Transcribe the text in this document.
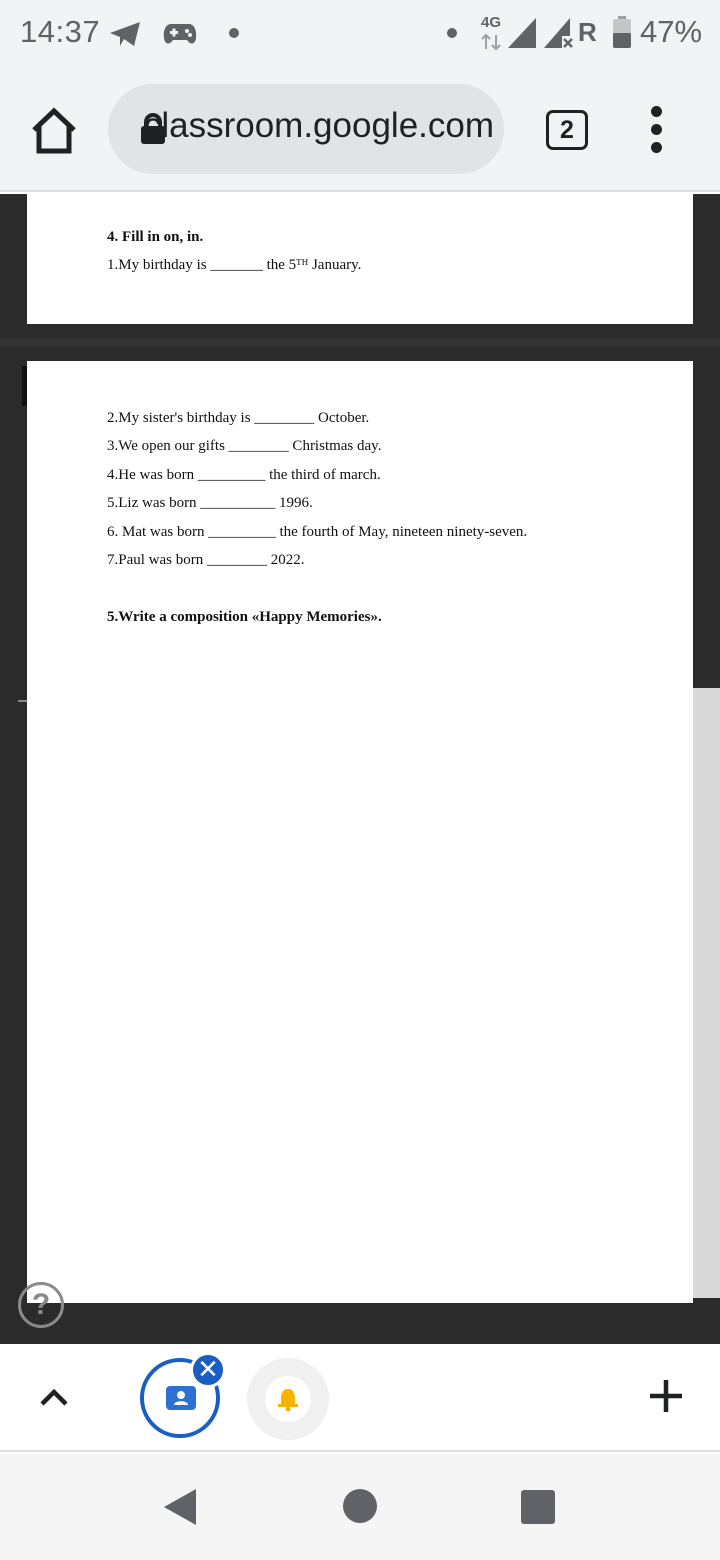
14:37	4G	R 47%
classroom.google.com	2
4. Fill in on, in.
1.My birthday is _______ the 5ᵀᴴ January.
2.My sister's birthday is ________ October.
3.We open our gifts ________ Christmas day.
4.He was born _________ the third of march.
5.Liz was born __________ 1996.
6. Mat was born _________ the fourth of May, nineteen ninety-seven.
7.Paul was born ________ 2022.
5.Write a composition «Happy Memories».
?
✕
